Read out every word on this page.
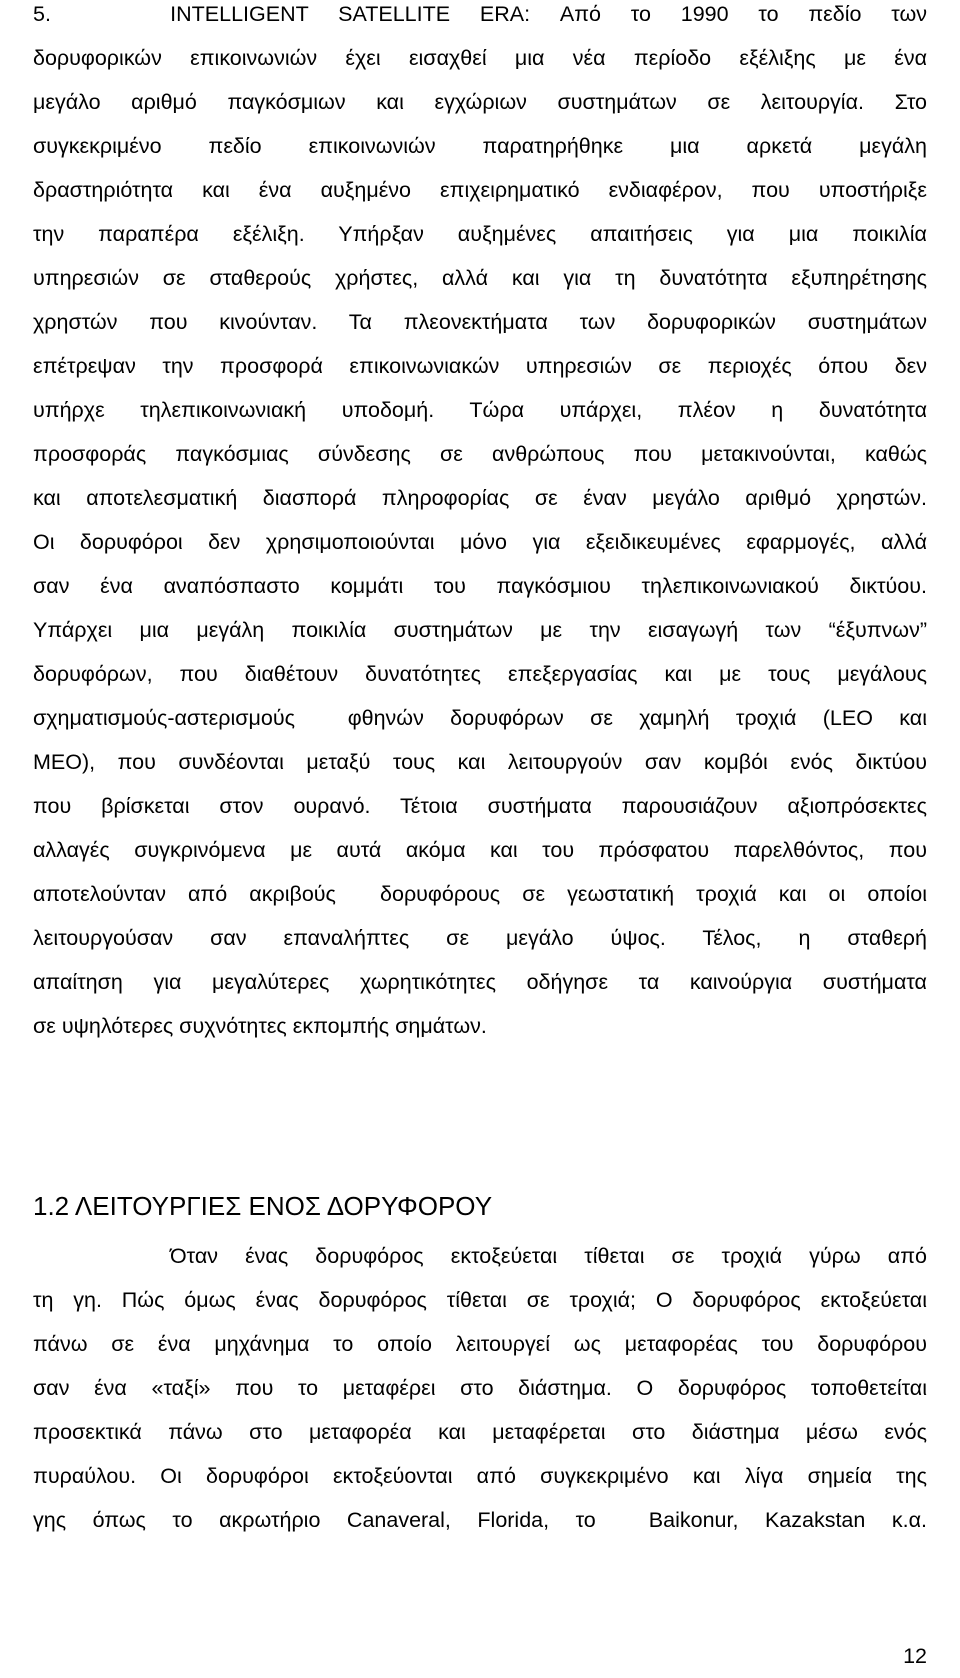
5.    INTELLIGENT SATELLITE ERA: Από το 1990 το πεδίο των
δορυφορικών επικοινωνιών έχει εισαχθεί μια νέα περίοδο εξέλιξης με ένα
μεγάλο αριθμό παγκόσμιων και εγχώριων συστημάτων σε λειτουργία. Στο
συγκεκριμένο πεδίο επικοινωνιών παρατηρήθηκε μια αρκετά μεγάλη
δραστηριότητα και ένα αυξημένο επιχειρηματικό ενδιαφέρον, που υποστήριξε
την παραπέρα εξέλιξη. Υπήρξαν αυξημένες απαιτήσεις για μια ποικιλία
υπηρεσιών σε σταθερούς χρήστες, αλλά και για τη δυνατότητα εξυπηρέτησης
χρηστών που κινούνταν. Τα πλεονεκτήματα των δορυφορικών συστημάτων
επέτρεψαν την προσφορά επικοινωνιακών υπηρεσιών σε περιοχές όπου δεν
υπήρχε τηλεπικοινωνιακή υποδομή. Τώρα υπάρχει, πλέον η δυνατότητα
προσφοράς παγκόσμιας σύνδεσης σε ανθρώπους που μετακινούνται, καθώς
και αποτελεσματική διασπορά πληροφορίας σε έναν μεγάλο αριθμό χρηστών.
Οι δορυφόροι δεν χρησιμοποιούνται μόνο για εξειδικευμένες εφαρμογές, αλλά
σαν ένα αναπόσπαστο κομμάτι του παγκόσμιου τηλεπικοινωνιακού δικτύου.
Υπάρχει μια μεγάλη ποικιλία συστημάτων με την εισαγωγή των “έξυπνων”
δορυφόρων, που διαθέτουν δυνατότητες επεξεργασίας και με τους μεγάλους
σχηματισμούς-αστερισμούς  φθηνών δορυφόρων σε χαμηλή τροχιά (LEO και
MEO), που συνδέονται μεταξύ τους και λειτουργούν σαν κομβόι ενός δικτύου
που βρίσκεται στον ουρανό. Τέτοια συστήματα παρουσιάζουν αξιοπρόσεκτες
αλλαγές συγκρινόμενα με αυτά ακόμα και του πρόσφατου παρελθόντος, που
αποτελούνταν από ακριβούς  δορυφόρους σε γεωστατική τροχιά και οι οποίοι
λειτουργούσαν σαν επαναλήπτες σε μεγάλο ύψος. Τέλος, η σταθερή
απαίτηση για μεγαλύτερες χωρητικότητες οδήγησε τα καινούργια συστήματα
σε υψηλότερες συχνότητες εκπομπής σημάτων.
1.2 ΛΕΙΤΟΥΡΓΙΕΣ ΕΝΟΣ ΔΟΡΥΦΟΡΟΥ
Όταν ένας δορυφόρος εκτοξεύεται τίθεται σε τροχιά γύρω από
τη γη. Πώς όμως ένας δορυφόρος τίθεται σε τροχιά; Ο δορυφόρος εκτοξεύεται
πάνω σε ένα μηχάνημα το οποίο λειτουργεί ως μεταφορέας του δορυφόρου
σαν ένα «ταξί» που το μεταφέρει στο διάστημα. Ο δορυφόρος τοποθετείται
προσεκτικά πάνω στο μεταφορέα και μεταφέρεται στο διάστημα μέσω ενός
πυραύλου. Οι δορυφόροι εκτοξεύονται από συγκεκριμένο και λίγα σημεία της
γης όπως το ακρωτήριο Canaveral, Florida, το  Baikonur, Kazakstan κ.α.
12
